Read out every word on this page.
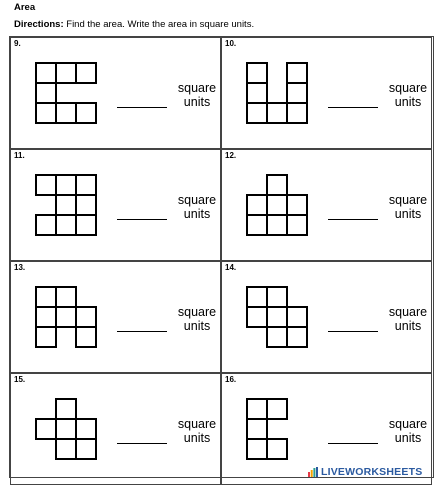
Area
Directions: Find the area. Write the area in square units.
9.
square
units
10.
square
units
11.
square
units
12.
square
units
13.
square
units
14.
square
units
15.
square
units
16.
square
units
LIVEWORKSHEETS
